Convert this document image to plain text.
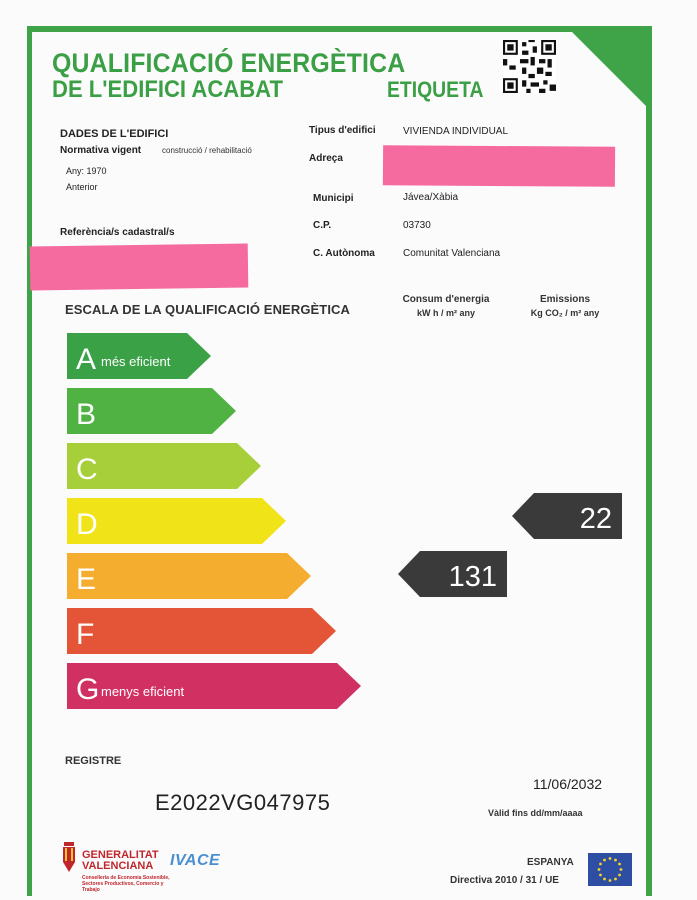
QUALIFICACIÓ ENERGÈTICA
DE L'EDIFICI ACABAT	ETIQUETA
DADES DE L'EDIFICI
Normativa vigent	construcció / rehabilitació
Any: 1970
Anterior
Referència/s cadastral/s
Tipus d'edifici	VIVIENDA INDIVIDUAL
Adreça
Municipi	Jávea/Xàbia
C.P.	03730
C. Autònoma	Comunitat Valenciana
ESCALA DE LA QUALIFICACIÓ ENERGÈTICA
Consum d'energia
kW h / m² any
Emissions
Kg CO₂ / m² any
A més eficient
B
C
D
E
F
G menys eficient
131
22
REGISTRE
E2022VG047975
11/06/2032
Vàlid fins dd/mm/aaaa
GENERALITAT
VALENCIANA
Conselleria de Economia Sostenible, Sectores Productivos, Comercio y Trabajo
IVACE	ESPANYA
Directiva 2010 / 31 / UE
